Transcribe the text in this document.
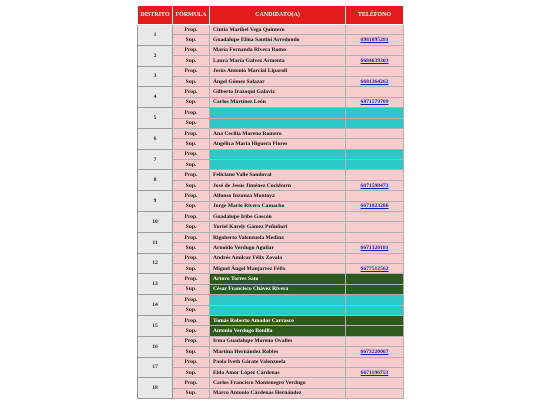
DISTRITO	FÓRMULA	CANDIDATO(A)	TELÉFONO
1	Prop.	Cintia Maribel Vega Quintero	
	Sup.	Guadalupe Elina Santini Arredondo	6981095281
2	Prop.	María Fernanda Rivera Romo	
	Sup.	Laura María Galvez Armenta	6684639303
3	Prop.	Jesús Antonio Marcial Liparoli	
	Sup.	Ángel Gómez Salazar	6681364262
4	Prop.	Gilberto Irazoqui Galaviz	
	Sup.	Carlos Martínez León	6871579709
5	Prop.		
	Sup.		
6	Prop.	Ana Cecilia Moreno Romero	
	Sup.	Angélica María Higuera Flores	
7	Prop.		
	Sup.		
8	Prop.	Feliciano Valle Sandoval	
	Sup.	José de Jesús Jiménez Cockburn	6871598473
9	Prop.	Alfonso Inzunza Montoya	
	Sup.	Jorge Mario Rivera Camacho	6671023286
10	Prop.	Guadalupe Iribe Gascón	
	Sup.	Yuriel Karely Gámez Peñuñuri	
11	Prop.	Rigoberto Valenzuela Medina	
	Sup.	Arnoldo Verdugo Aguilar	6671320181
12	Prop.	Andrés Amílcar Félix Zavala	
	Sup.	Miguel Ángel Manjarrez Félix	6677512562
13	Prop.	Arturo Torres Sato	
	Sup.	César Francisco Chávez Rivera	
14	Prop.		
	Sup.		
15	Prop.	Tomás Roberto Amador Carrasco	
	Sup.	Antonio Verdugo Bonilla	
16	Prop.	Irma Guadalupe Moreno Ovalles	
	Sup.	Martina Hernández Robles	6673220067
17	Prop.	Paola Iveth Gárate Valenzuela	
	Sup.	Elda Amor López Cárdenas	6671196753
18	Prop.	Carlos Francisco Montenegro Verdugo	
	Sup.	Marco Antonio Cárdenas Hernández	
